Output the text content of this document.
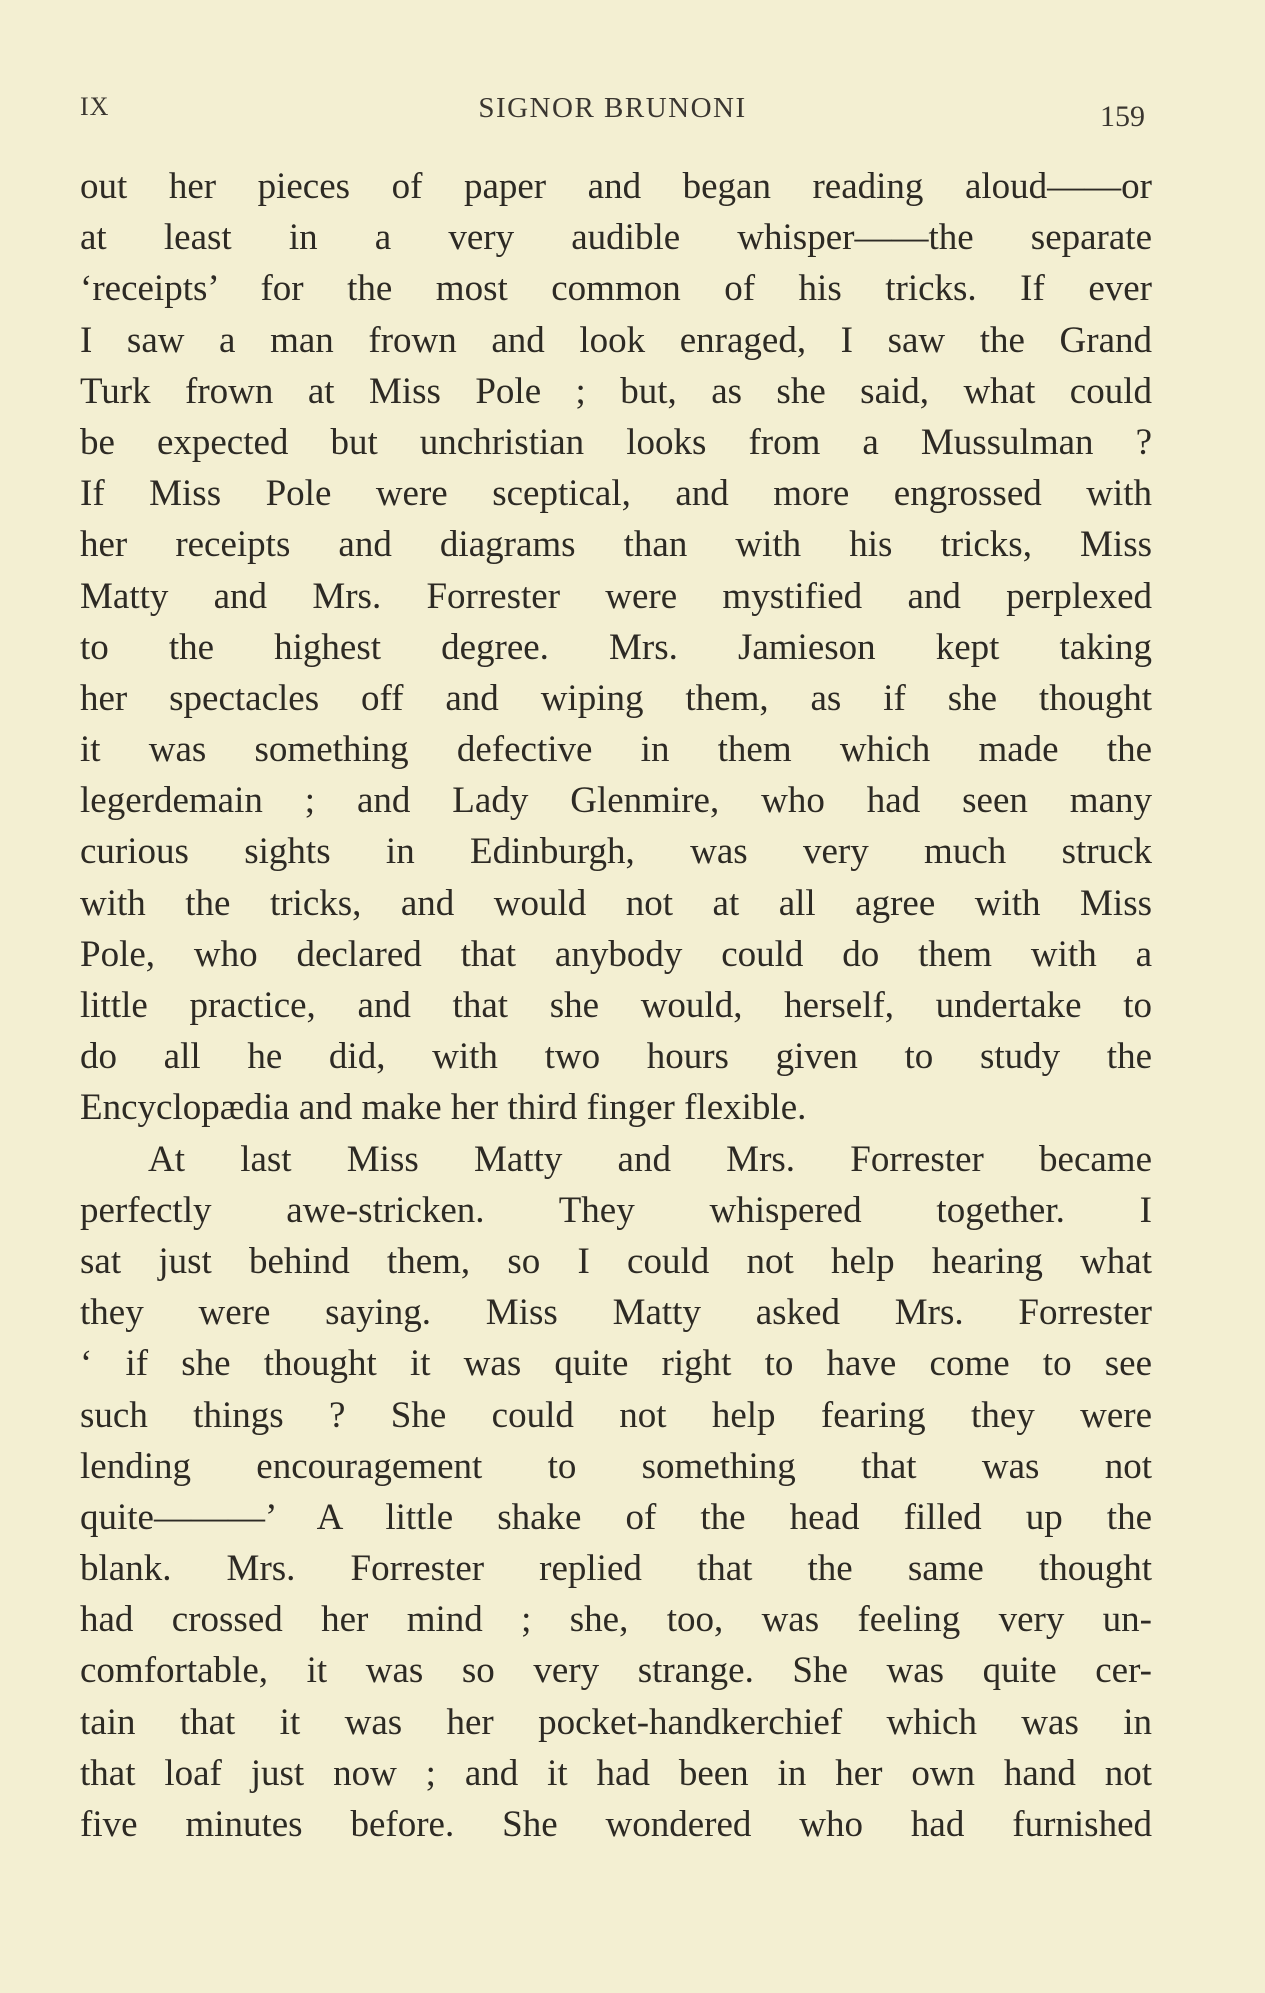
IX	SIGNOR BRUNONI	159
out her pieces of paper and began reading aloud——or
at least in a very audible whisper——the separate
‘receipts’ for the most common of his tricks. If ever
I saw a man frown and look enraged, I saw the Grand
Turk frown at Miss Pole ; but, as she said, what could
be expected but unchristian looks from a Mussulman ?
If Miss Pole were sceptical, and more engrossed with
her receipts and diagrams than with his tricks, Miss
Matty and Mrs. Forrester were mystified and perplexed
to the highest degree. Mrs. Jamieson kept taking
her spectacles off and wiping them, as if she thought
it was something defective in them which made the
legerdemain ; and Lady Glenmire, who had seen many
curious sights in Edinburgh, was very much struck
with the tricks, and would not at all agree with Miss
Pole, who declared that anybody could do them with a
little practice, and that she would, herself, undertake to
do all he did, with two hours given to study the
Encyclopædia and make her third finger flexible.
At last Miss Matty and Mrs. Forrester became
perfectly awe-stricken. They whispered together. I
sat just behind them, so I could not help hearing what
they were saying. Miss Matty asked Mrs. Forrester
‘ if she thought it was quite right to have come to see
such things ? She could not help fearing they were
lending encouragement to something that was not
quite———’ A little shake of the head filled up the
blank. Mrs. Forrester replied that the same thought
had crossed her mind ; she, too, was feeling very un-
comfortable, it was so very strange. She was quite cer-
tain that it was her pocket-handkerchief which was in
that loaf just now ; and it had been in her own hand not
five minutes before. She wondered who had furnished
